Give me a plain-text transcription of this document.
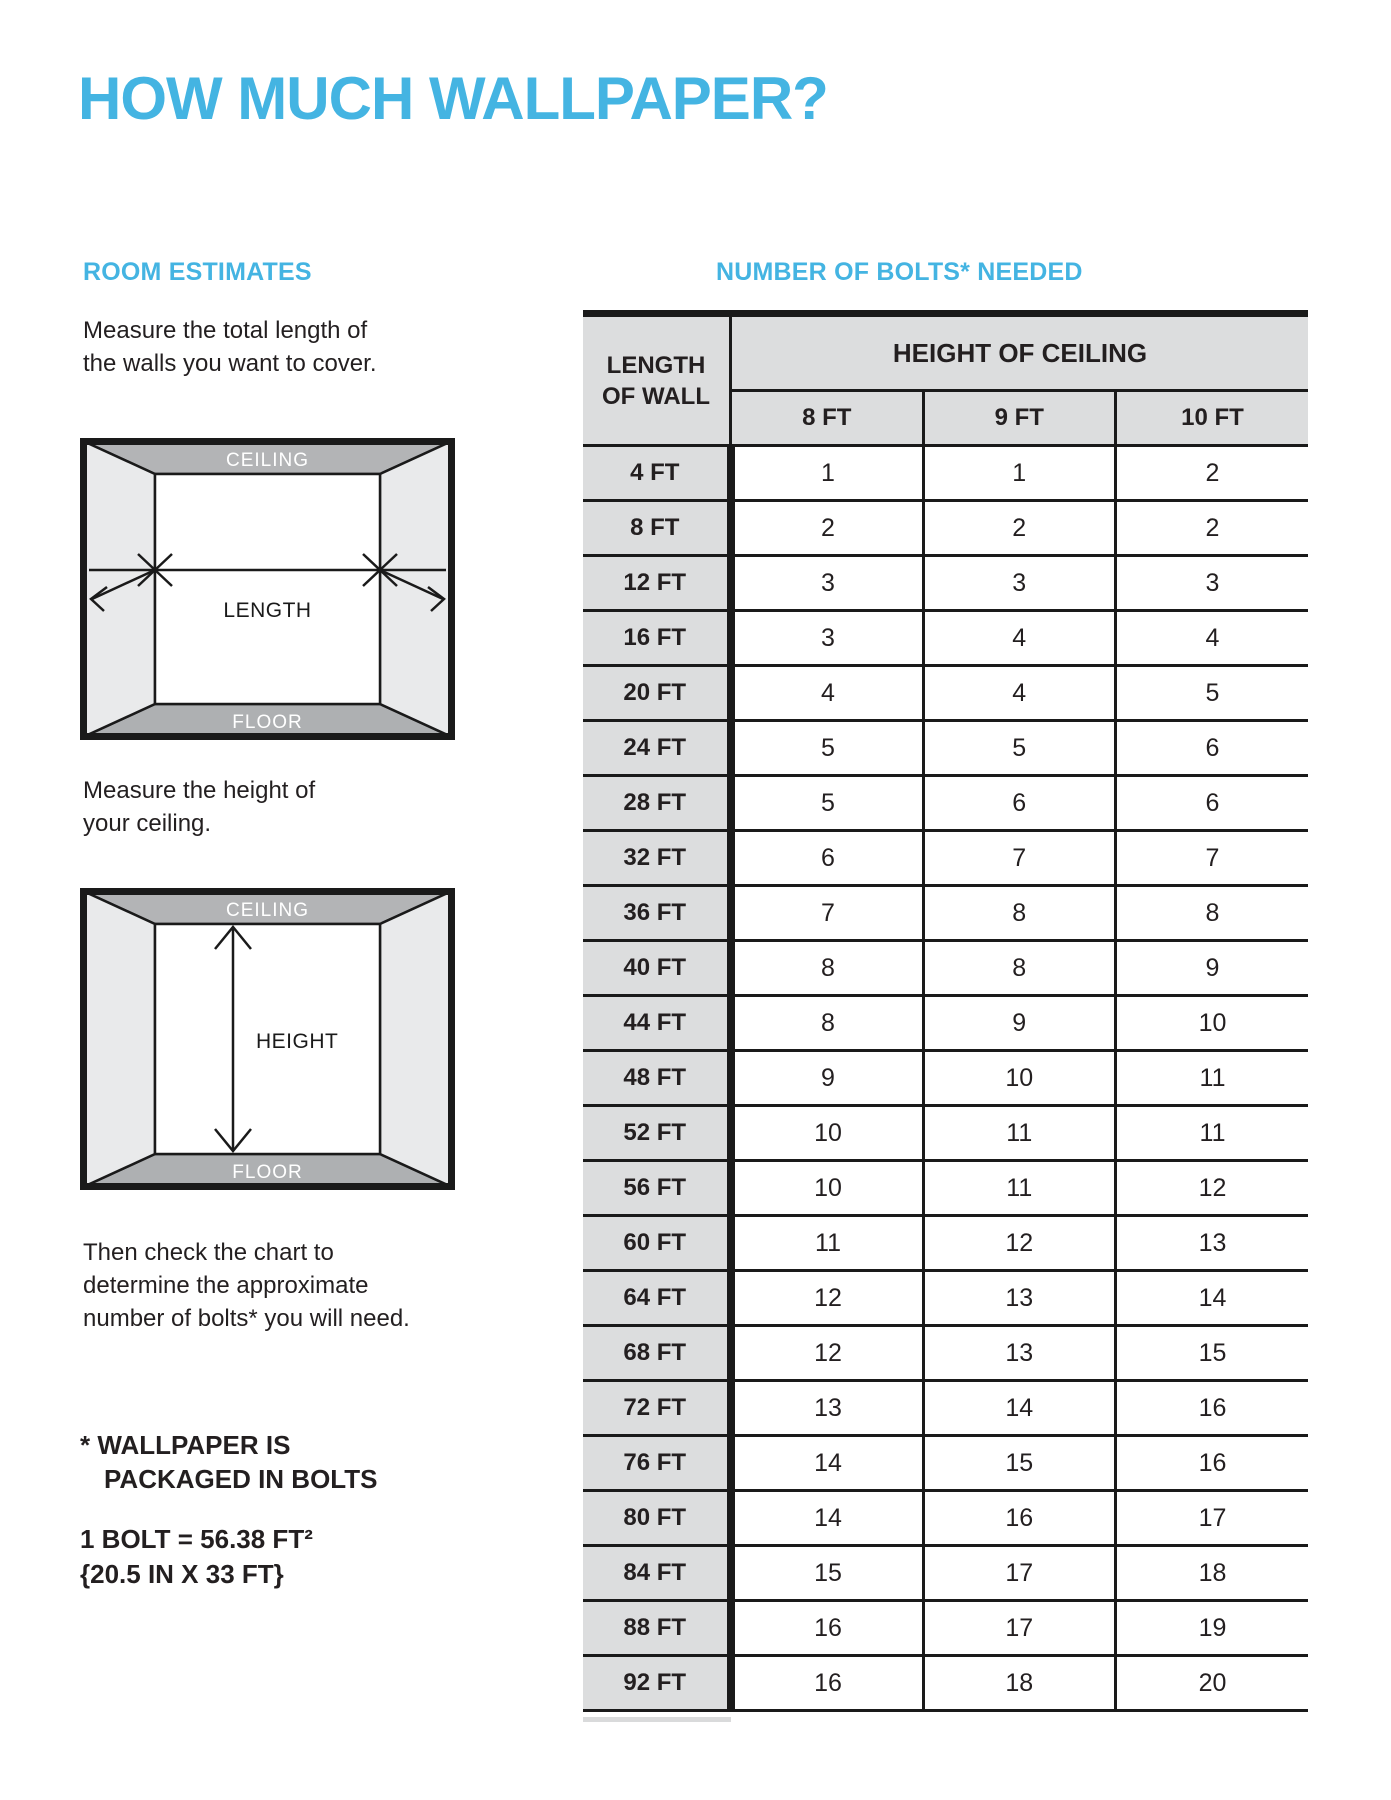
HOW MUCH WALLPAPER?
ROOM ESTIMATES
Measure the total length of
the walls you want to cover.
CEILING
FLOOR
LENGTH
Measure the height of
your ceiling.
CEILING
FLOOR
HEIGHT
Then check the chart to
determine the approximate
number of bolts* you will need.
* WALLPAPER IS
PACKAGED IN BOLTS
1 BOLT = 56.38 FT²
{20.5 IN X 33 FT}
NUMBER OF BOLTS* NEEDED
LENGTH
OF WALL	HEIGHT OF CEILING		
	8 FT	9 FT	10 FT
4 FT	1	1	2
8 FT	2	2	2
12 FT	3	3	3
16 FT	3	4	4
20 FT	4	4	5
24 FT	5	5	6
28 FT	5	6	6
32 FT	6	7	7
36 FT	7	8	8
40 FT	8	8	9
44 FT	8	9	10
48 FT	9	10	11
52 FT	10	11	11
56 FT	10	11	12
60 FT	11	12	13
64 FT	12	13	14
68 FT	12	13	15
72 FT	13	14	16
76 FT	14	15	16
80 FT	14	16	17
84 FT	15	17	18
88 FT	16	17	19
92 FT	16	18	20
